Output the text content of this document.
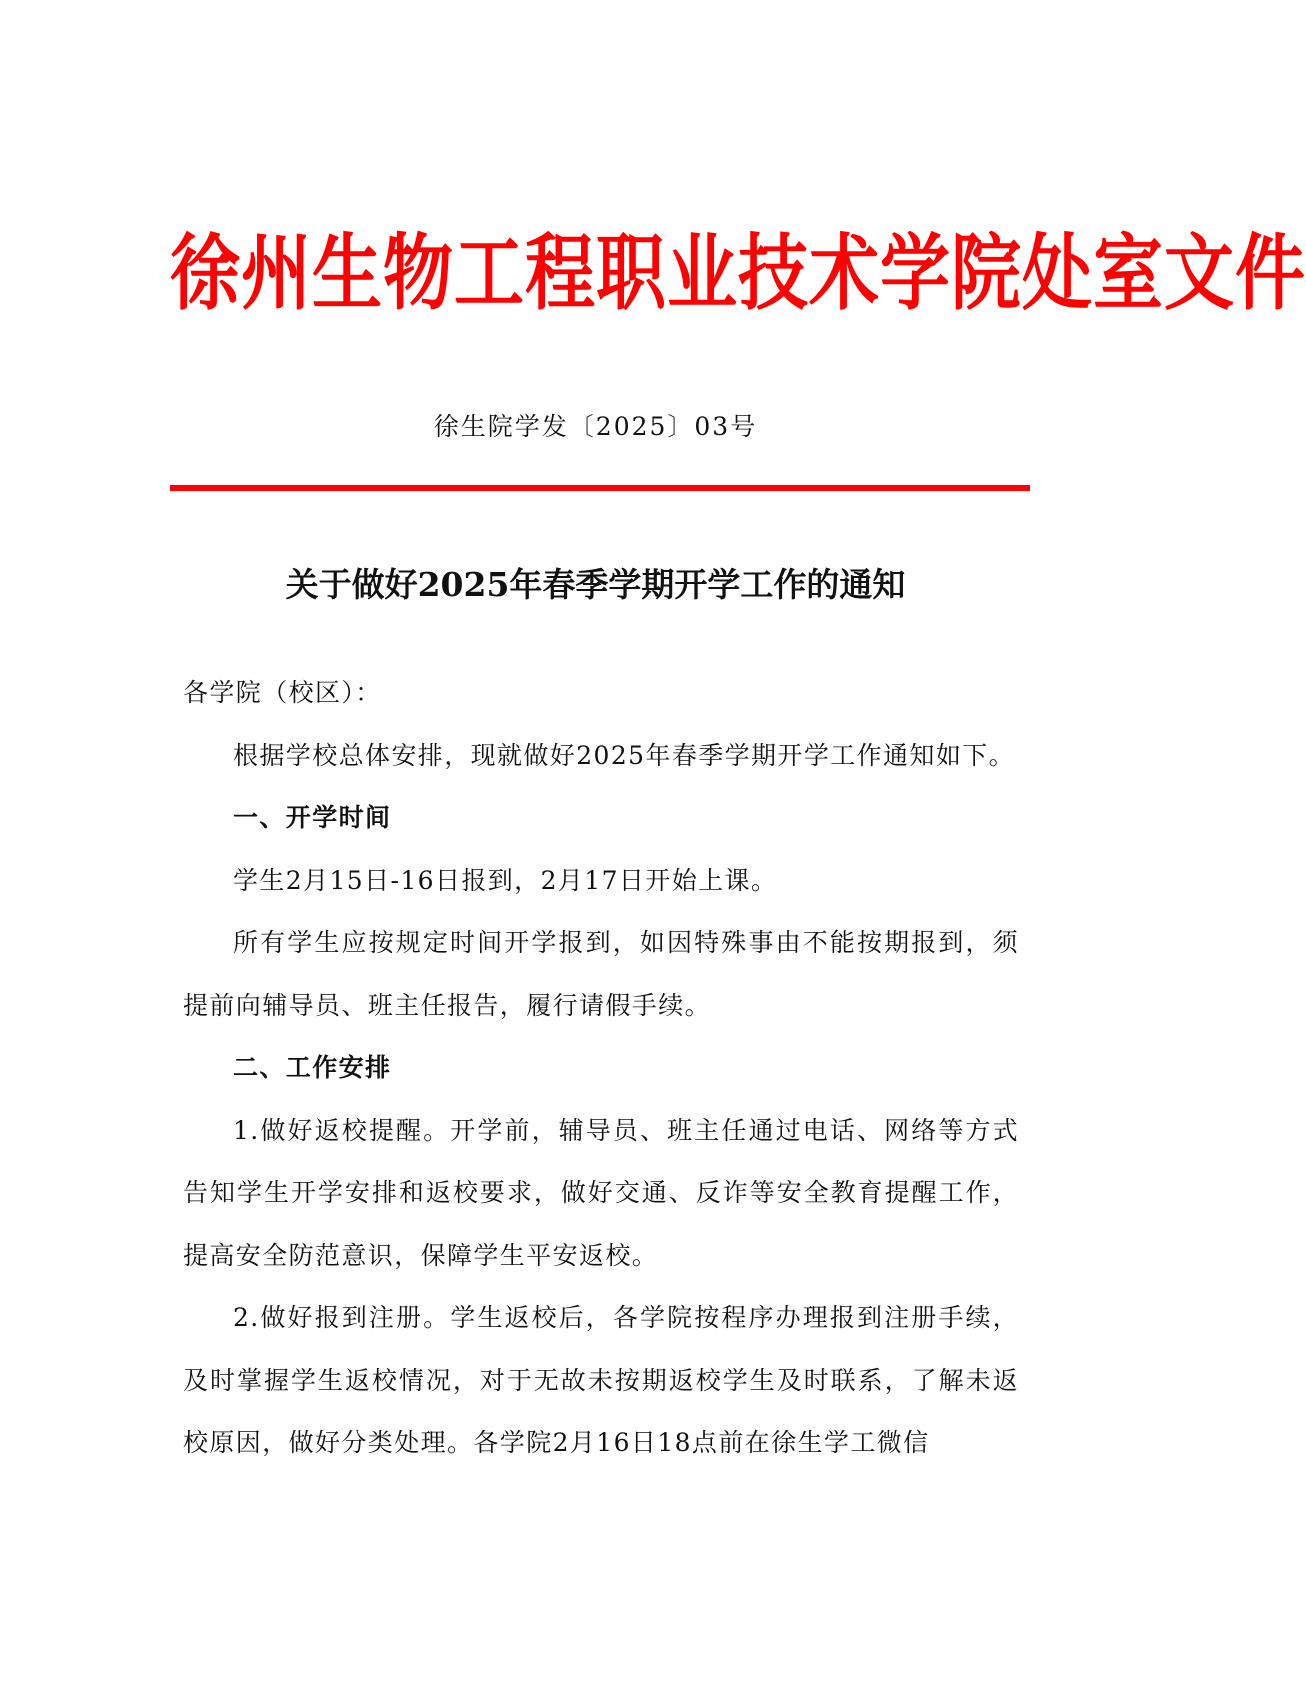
徐州生物工程职业技术学院处室文件
徐生院学发〔2025〕03号
关于做好2025年春季学期开学工作的通知

各学院（校区）：

根据学校总体安排，现就做好2025年春季学期开学工作通知如下。

一、开学时间

学生2月15日-16日报到，2月17日开始上课。

所有学生应按规定时间开学报到，如因特殊事由不能按期报到，须提前向辅导员、班主任报告，履行请假手续。

二、工作安排

1.做好返校提醒。开学前，辅导员、班主任通过电话、网络等方式告知学生开学安排和返校要求，做好交通、反诈等安全教育提醒工作，提高安全防范意识，保障学生平安返校。

2.做好报到注册。学生返校后，各学院按程序办理报到注册手续，及时掌握学生返校情况，对于无故未按期返校学生及时联系，了解未返校原因，做好分类处理。各学院2月16日18点前在徐生学工微信
